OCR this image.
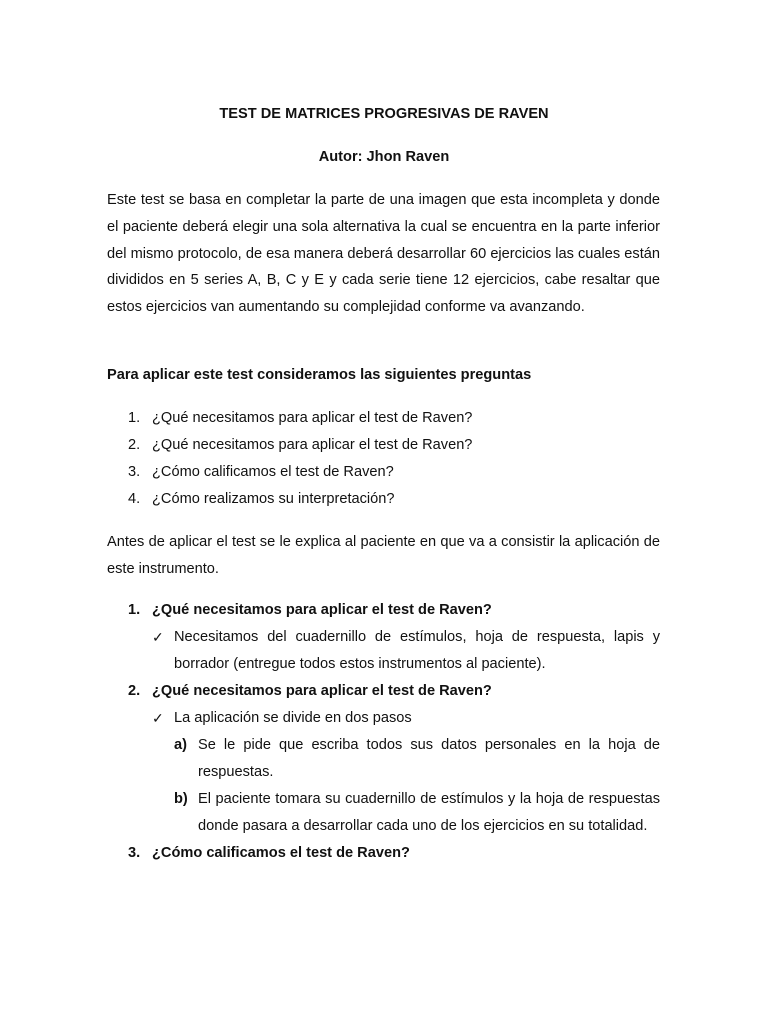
TEST DE MATRICES PROGRESIVAS DE RAVEN
Autor: Jhon Raven

Este test se basa en completar la parte de una imagen que esta incompleta y donde el paciente deberá elegir una sola alternativa la cual se encuentra en la parte inferior del mismo protocolo, de esa manera deberá desarrollar 60 ejercicios las cuales están divididos en 5 series A, B, C y E y cada serie tiene 12 ejercicios, cabe resaltar que estos ejercicios van aumentando su complejidad conforme va avanzando.

Para aplicar este test consideramos las siguientes preguntas
1. ¿Qué necesitamos para aplicar el test de Raven?
2. ¿Qué necesitamos para aplicar el test de Raven?
3. ¿Cómo calificamos el test de Raven?
4. ¿Cómo realizamos su interpretación?

Antes de aplicar el test se le explica al paciente en que va a consistir la aplicación de este instrumento.

1. ¿Qué necesitamos para aplicar el test de Raven?
✓ Necesitamos del cuadernillo de estímulos, hoja de respuesta, lapis y borrador (entregue todos estos instrumentos al paciente).
2. ¿Qué necesitamos para aplicar el test de Raven?
✓ La aplicación se divide en dos pasos
a) Se le pide que escriba todos sus datos personales en la hoja de respuestas.
b) El paciente tomara su cuadernillo de estímulos y la hoja de respuestas donde pasara a desarrollar cada uno de los ejercicios en su totalidad.
3. ¿Cómo calificamos el test de Raven?
